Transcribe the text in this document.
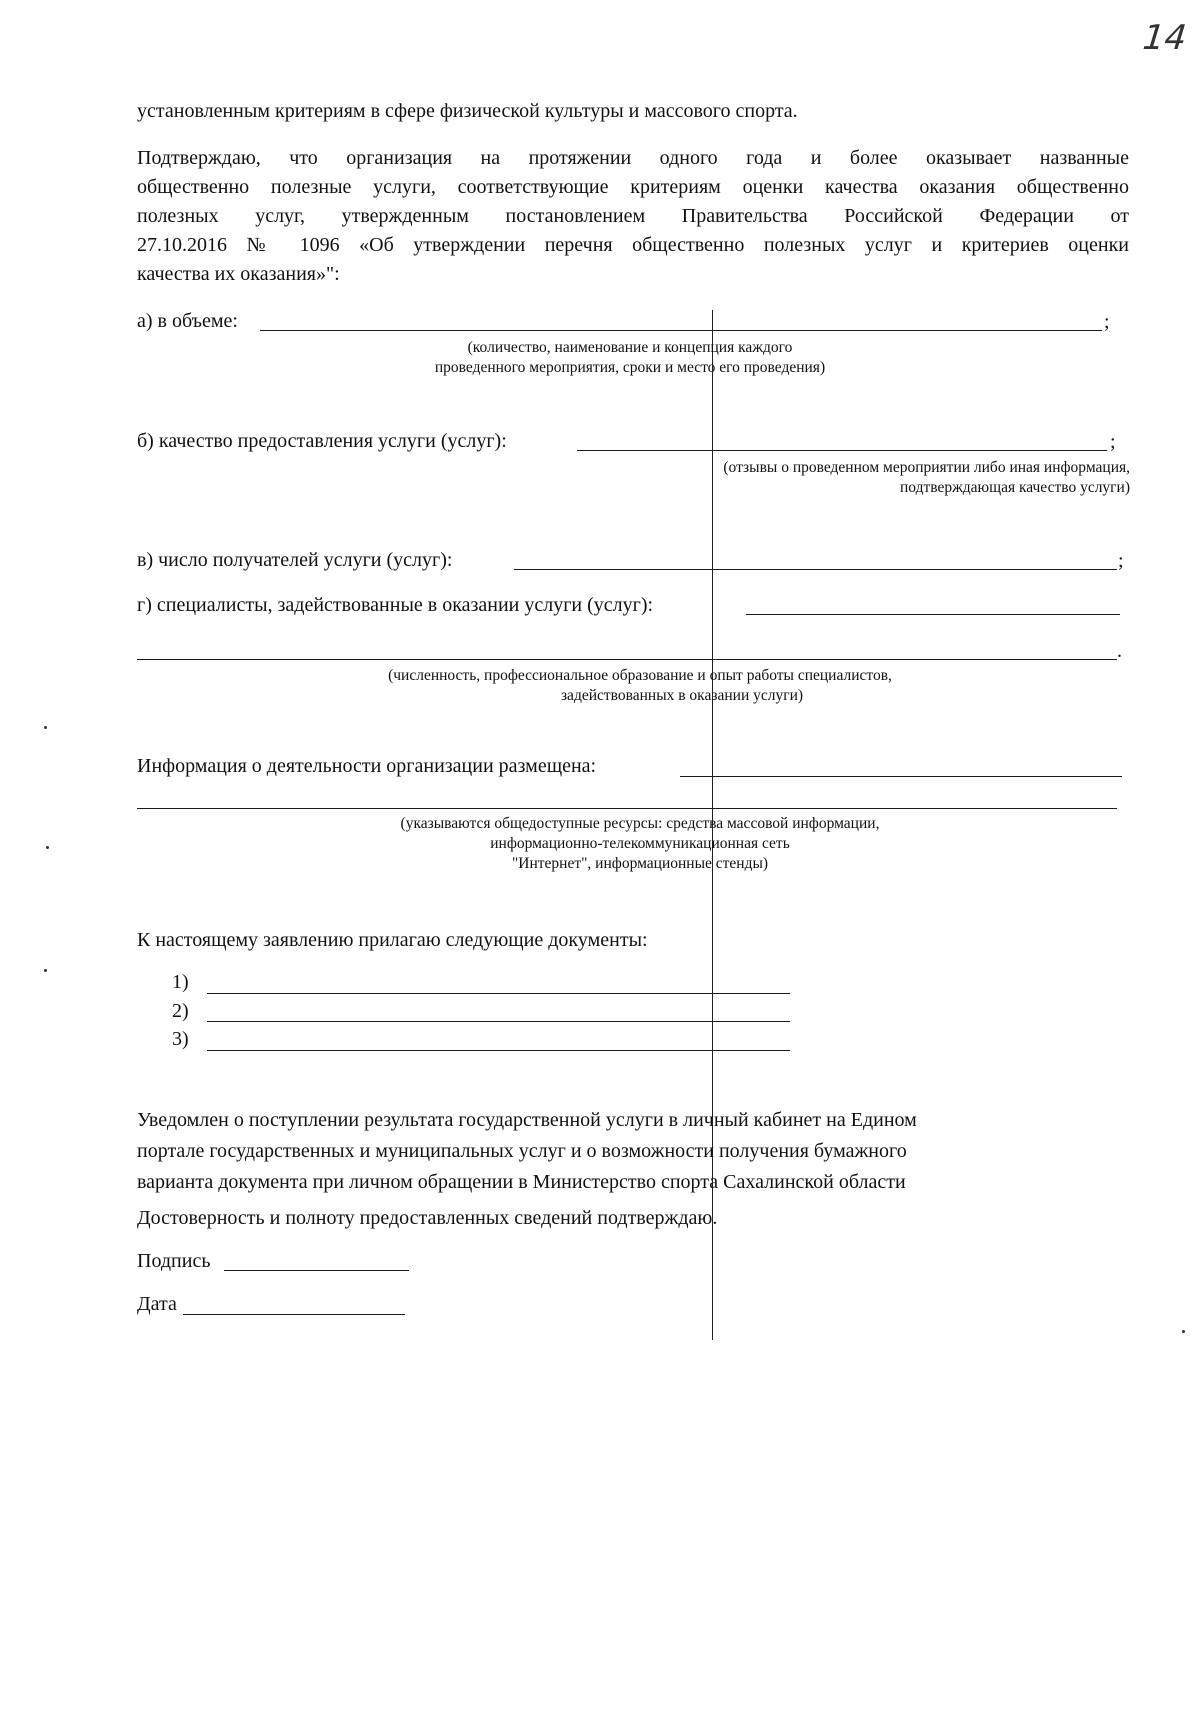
14
установленным критериям в сфере физической культуры и массового спорта.
Подтверждаю, что организация на протяжении одного года и более оказывает названные
общественно полезные услуги, соответствующие критериям оценки качества оказания общественно
полезных услуг, утвержденным постановлением Правительства Российской Федерации от
27.10.2016 № 1096 «Об утверждении перечня общественно полезных услуг и критериев оценки
качества их оказания»":
а) в объеме:	;
(количество, наименование и концепция каждого
проведенного мероприятия, сроки и место его проведения)
б) качество предоставления услуги (услуг):	;
(отзывы о проведенном мероприятии либо иная информация,
подтверждающая качество услуги)
в) число получателей услуги (услуг):	;
г) специалисты, задействованные в оказании услуги (услуг):
.
(численность, профессиональное образование и опыт работы специалистов,
задействованных в оказании услуги)
Информация о деятельности организации размещена:
(указываются общедоступные ресурсы: средства массовой информации,
информационно-телекоммуникационная сеть
"Интернет", информационные стенды)
К настоящему заявлению прилагаю следующие документы:
1)
2)
3)
Уведомлен о поступлении результата государственной услуги в личный кабинет на Едином
портале государственных и муниципальных услуг и о возможности получения бумажного
варианта документа при личном обращении в Министерство спорта Сахалинской области
Достоверность и полноту предоставленных сведений подтверждаю.
Подпись
Дата
